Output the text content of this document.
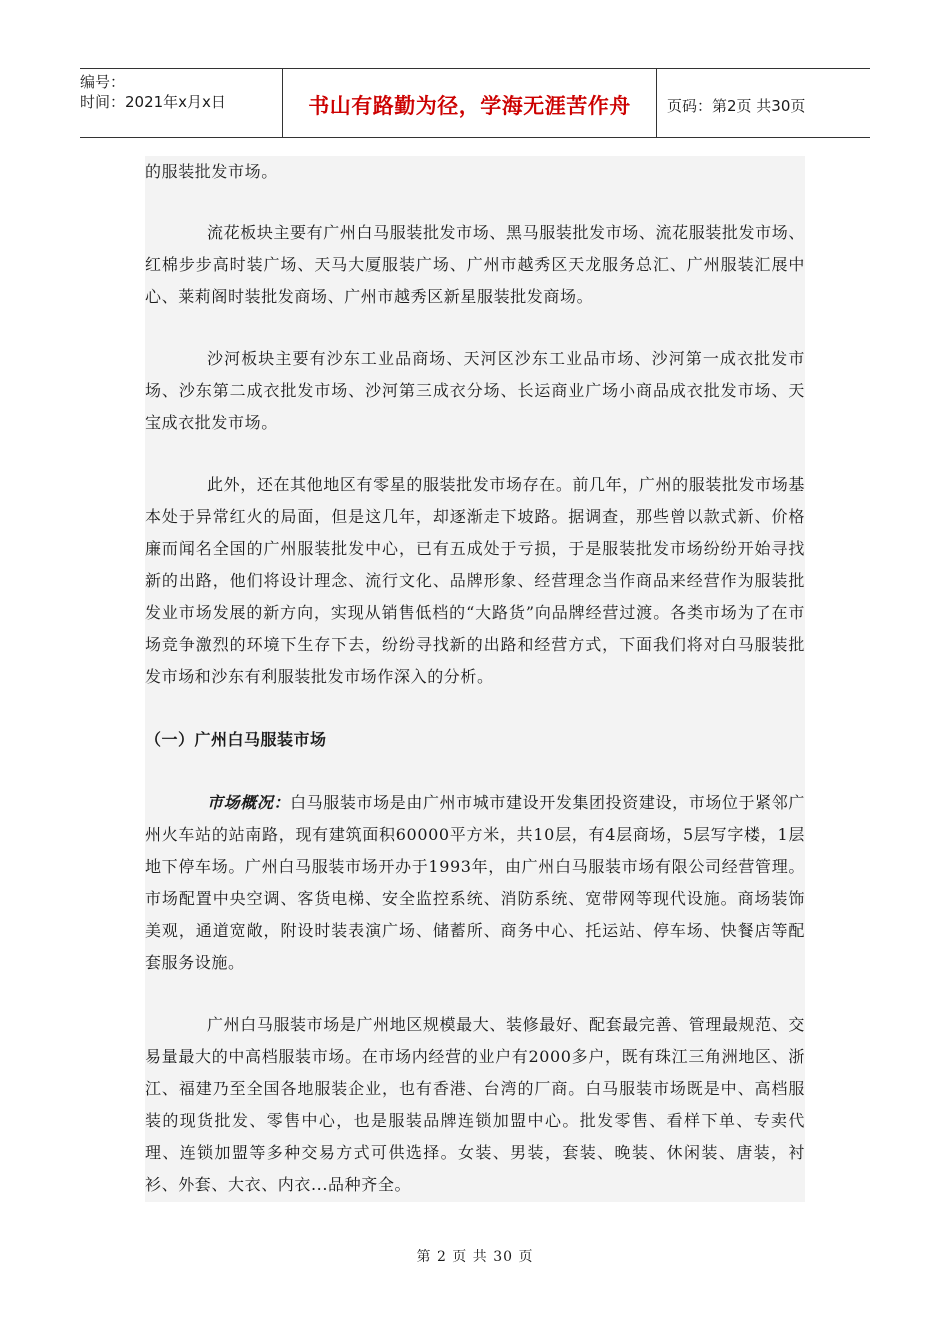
编号：
时间：2021年x月x日	书山有路勤为径，学海无涯苦作舟	页码：第2页 共30页

的服装批发市场。

流花板块主要有广州白马服装批发市场、黑马服装批发市场、流花服装批发市场、红棉步步高时装广场、天马大厦服装广场、广州市越秀区天龙服务总汇、广州服装汇展中心、莱莉阁时装批发商场、广州市越秀区新星服装批发商场。

沙河板块主要有沙东工业品商场、天河区沙东工业品市场、沙河第一成衣批发市场、沙东第二成衣批发市场、沙河第三成衣分场、长运商业广场小商品成衣批发市场、天宝成衣批发市场。

此外，还在其他地区有零星的服装批发市场存在。前几年，广州的服装批发市场基本处于异常红火的局面，但是这几年，却逐渐走下坡路。据调查，那些曾以款式新、价格廉而闻名全国的广州服装批发中心，已有五成处于亏损，于是服装批发市场纷纷开始寻找新的出路，他们将设计理念、流行文化、品牌形象、经营理念当作商品来经营作为服装批发业市场发展的新方向，实现从销售低档的“大路货”向品牌经营过渡。各类市场为了在市场竞争激烈的环境下生存下去，纷纷寻找新的出路和经营方式，下面我们将对白马服装批发市场和沙东有利服装批发市场作深入的分析。

（一）广州白马服装市场

市场概况：白马服装市场是由广州市城市建设开发集团投资建设，市场位于紧邻广州火车站的站南路，现有建筑面积60000平方米，共10层，有4层商场，5层写字楼，1层地下停车场。广州白马服装市场开办于1993年，由广州白马服装市场有限公司经营管理。市场配置中央空调、客货电梯、安全监控系统、消防系统、宽带网等现代设施。商场装饰美观，通道宽敞，附设时装表演广场、储蓄所、商务中心、托运站、停车场、快餐店等配套服务设施。

广州白马服装市场是广州地区规模最大、装修最好、配套最完善、管理最规范、交易量最大的中高档服装市场。在市场内经营的业户有2000多户，既有珠江三角洲地区、浙江、福建乃至全国各地服装企业，也有香港、台湾的厂商。白马服装市场既是中、高档服装的现货批发、零售中心，也是服装品牌连锁加盟中心。批发零售、看样下单、专卖代理、连锁加盟等多种交易方式可供选择。女装、男装，套装、晚装、休闲装、唐装，衬衫、外套、大衣、内衣...品种齐全。

第 2 页 共 30 页
